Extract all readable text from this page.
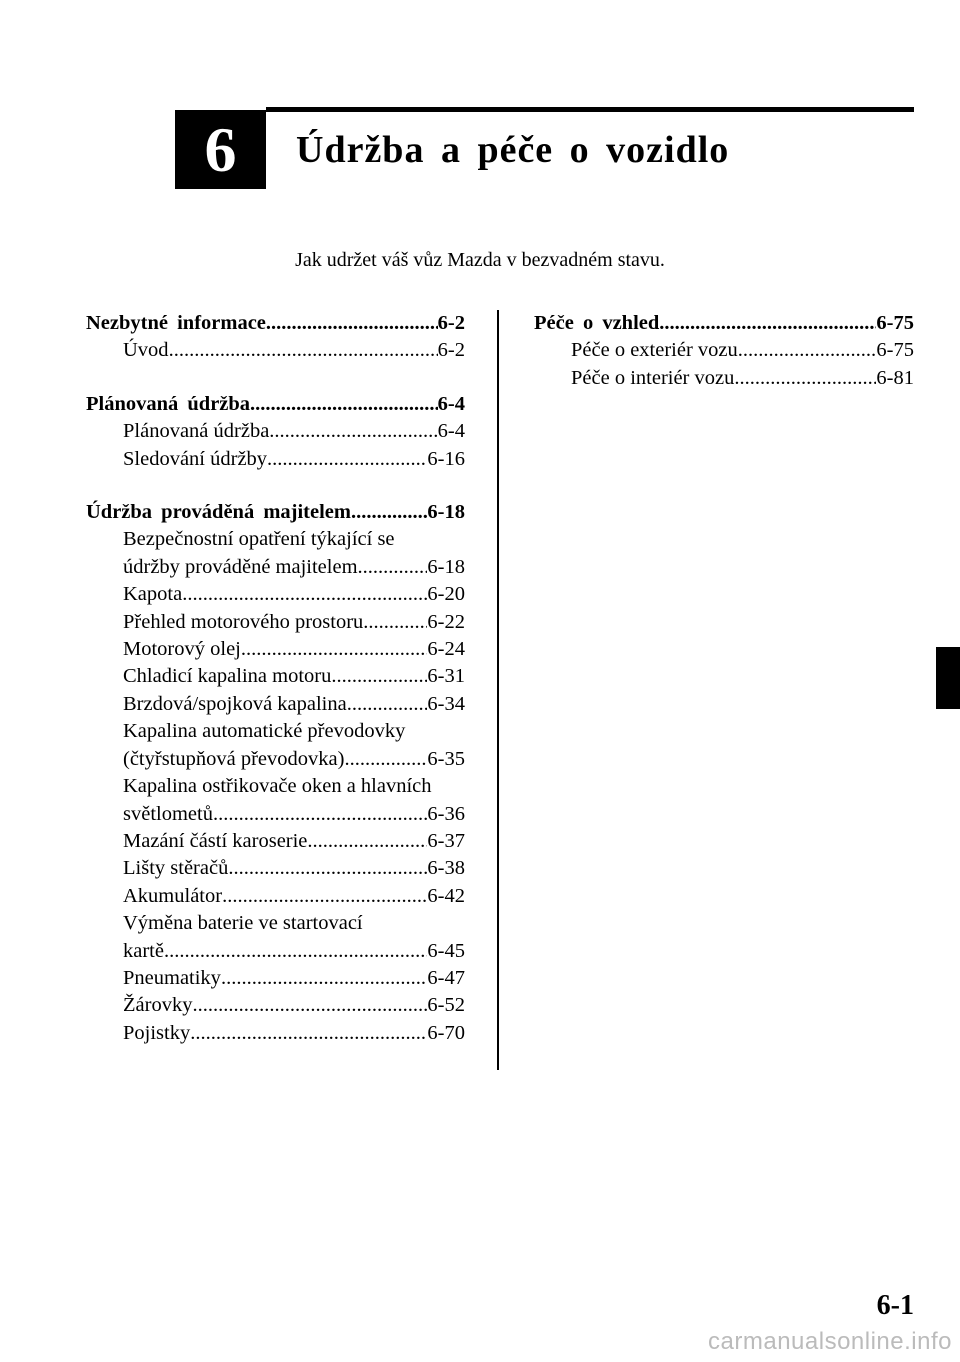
6	Údržba a péče o vozidlo
Jak udržet váš vůz Mazda v bezvadném stavu.
Nezbytné informace .....	6-2
Úvod .....	6-2
Plánovaná údržba .....	6-4
Plánovaná údržba .....	6-4
Sledování údržby .....	6-16
Údržba prováděná majitelem .....	6-18
Bezpečnostní opatření týkající se
údržby prováděné majitelem .....	6-18
Kapota .....	6-20
Přehled motorového prostoru .....	6-22
Motorový olej .....	6-24
Chladicí kapalina motoru .....	6-31
Brzdová/spojková kapalina .....	6-34
Kapalina automatické převodovky
(čtyřstupňová převodovka) .....	6-35
Kapalina ostřikovače oken a hlavních
světlometů .....	6-36
Mazání částí karoserie .....	6-37
Lišty stěračů .....	6-38
Akumulátor .....	6-42
Výměna baterie ve startovací
kartě .....	6-45
Pneumatiky .....	6-47
Žárovky .....	6-52
Pojistky .....	6-70
Péče o vzhled .....	6-75
Péče o exteriér vozu .....	6-75
Péče o interiér vozu .....	6-81
6-1
carmanualsonline.info
